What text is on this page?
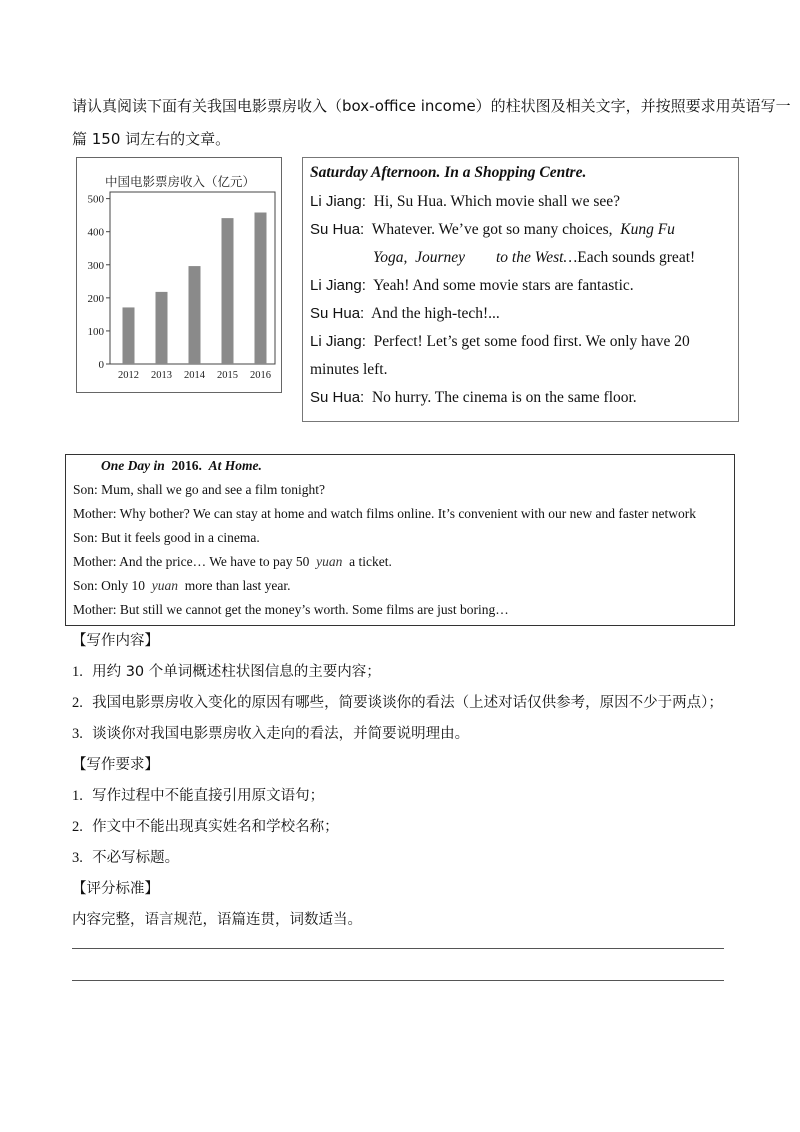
请认真阅读下面有关我国电影票房收入（box-office income）的柱状图及相关文字，并按照要求用英语写一
篇 150 词左右的文章。
中国电影票房收入（亿元）
0
100
200
300
400
500
2012 2013 2014 2015 2016
Saturday Afternoon. In a Shopping Centre.
Li Jiang: Hi, Su Hua. Which movie shall we see?
Su Hua: Whatever. We’ve got so many choices, Kung Fu
Yoga,  Journey        to the West…Each sounds great!
Li Jiang: Yeah! And some movie stars are fantastic.
Su Hua: And the high-tech!...
Li Jiang: Perfect! Let’s get some food first. We only have 20
minutes left.
Su Hua: No hurry. The cinema is on the same floor.
One Day in 2016. At Home.
Son: Mum, shall we go and see a film tonight?
Mother: Why bother? We can stay at home and watch films online. It’s convenient with our new and faster network
Son: But it feels good in a cinema.
Mother: And the price… We have to pay 50 yuan a ticket.
Son: Only 10 yuan more than last year.
Mother: But still we cannot get the money’s worth. Some films are just boring…
【写作内容】
1. 用约 30 个单词概述柱状图信息的主要内容；
2. 我国电影票房收入变化的原因有哪些，简要谈谈你的看法（上述对话仅供参考，原因不少于两点）；
3. 谈谈你对我国电影票房收入走向的看法，并简要说明理由。
【写作要求】
1. 写作过程中不能直接引用原文语句；
2. 作文中不能出现真实姓名和学校名称；
3. 不必写标题。
【评分标准】
内容完整，语言规范，语篇连贯，词数适当。
